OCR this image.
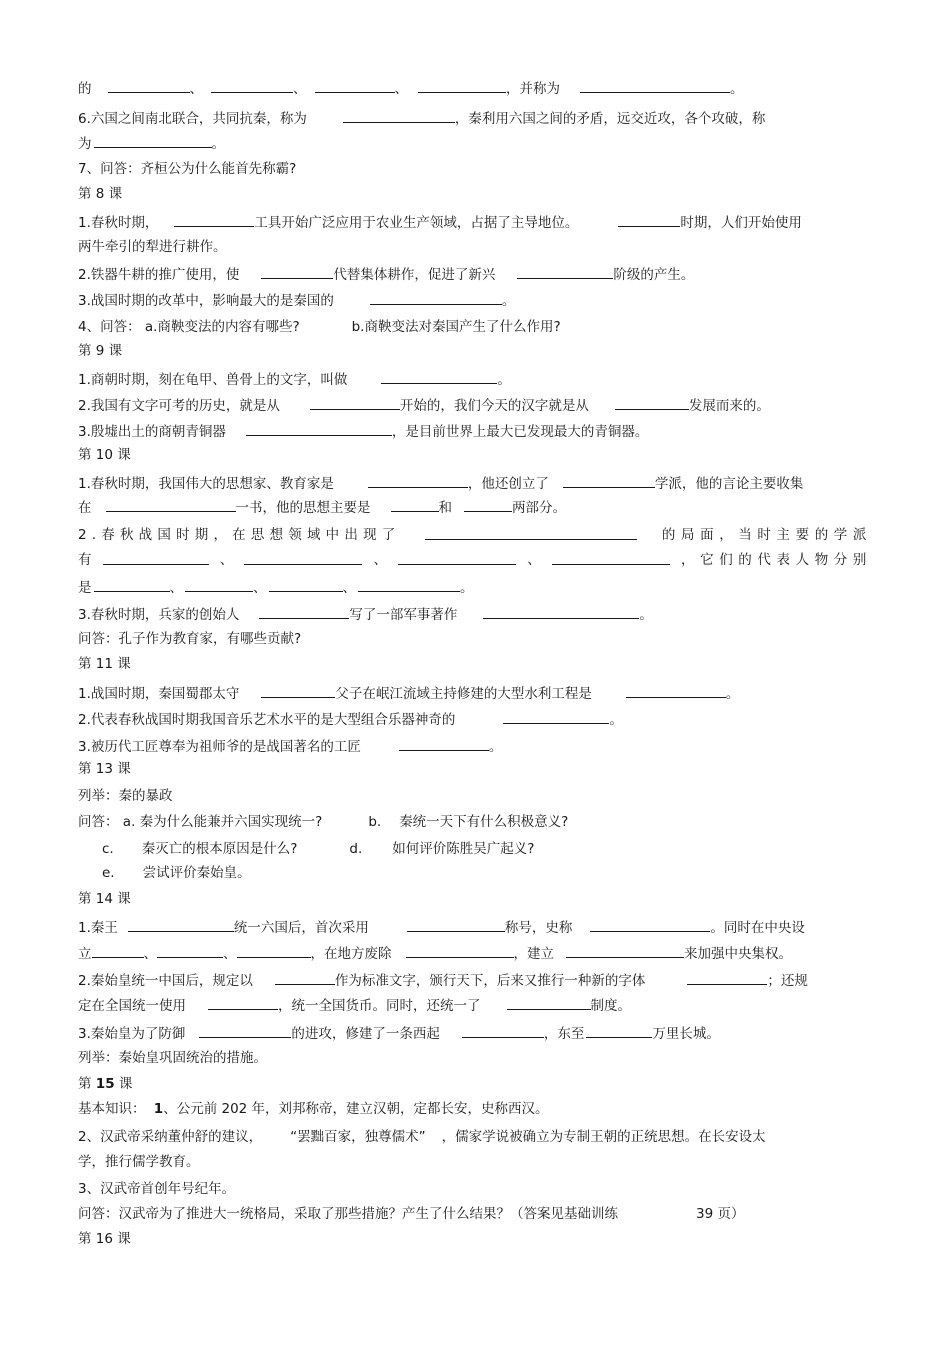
的	、	、	、	，并称为	。
6.六国之间南北联合，共同抗秦，称为	，秦利用六国之间的矛盾，远交近攻，各个攻破，称
为	。
7、问答：齐桓公为什么能首先称霸?
第 8 课
1.春秋时期，	工具开始广泛应用于农业生产领域，占据了主导地位。	时期，人们开始使用
两牛牵引的犁进行耕作。
2.铁器牛耕的推广使用，使	代替集体耕作，促进了新兴	阶级的产生。
3.战国时期的改革中，影响最大的是秦国的	。
4、问答： a.商鞅变法的内容有哪些?	b.商鞅变法对秦国产生了什么作用?
第 9 课
1.商朝时期，刻在龟甲、兽骨上的文字，叫做	。
2.我国有文字可考的历史，就是从	开始的，我们今天的汉字就是从	发展而来的。
3.殷墟出土的商朝青铜器	，是目前世界上最大已发现最大的青铜器。
第 10 课
1.春秋时期，我国伟大的思想家、教育家是	，他还创立了	学派，他的言论主要收集
在	一书，他的思想主要是	和	两部分。
2.春秋战国时期，在思想领域中出现了	的局面，当时主要的学派
有	、	、	、	，它们的代表人物分别
是	、	、	、	。
3.春秋时期，兵家的创始人	写了一部军事著作	。
问答：孔子作为教育家，有哪些贡献?
第 11 课
1.战国时期，秦国蜀郡太守	父子在岷江流域主持修建的大型水利工程是	。
2.代表春秋战国时期我国音乐艺术水平的是大型组合乐器神奇的	。
3.被历代工匠尊奉为祖师爷的是战国著名的工匠	。
第 13 课
列举：秦的暴政
问答： a. 秦为什么能兼并六国实现统一?	b. 秦统一天下有什么积极意义?
c. 秦灭亡的根本原因是什么?	d. 如何评价陈胜吴广起义?
e. 尝试评价秦始皇。
第 14 课
1.秦王	统一六国后，首次采用	称号，史称	。同时在中央设
立	、	、	，在地方废除	，建立	来加强中央集权。
2.秦始皇统一中国后，规定以	作为标准文字，颁行天下，后来又推行一种新的字体	；还规
定在全国统一使用	，统一全国货币。同时，还统一了	制度。
3.秦始皇为了防御	的进攻，修建了一条西起	，东至	万里长城。
列举：秦始皇巩固统治的措施。
第 15 课
基本知识： 1、公元前 202 年，刘邦称帝，建立汉朝，定都长安，史称西汉。
2、汉武帝采纳董仲舒的建议， “罢黜百家，独尊儒术” ，儒家学说被确立为专制王朝的正统思想。在长安设太
学，推行儒学教育。
3、汉武帝首创年号纪年。
问答：汉武帝为了推进大一统格局，采取了那些措施？产生了什么结果？（答案见基础训练	39 页）
第 16 课
